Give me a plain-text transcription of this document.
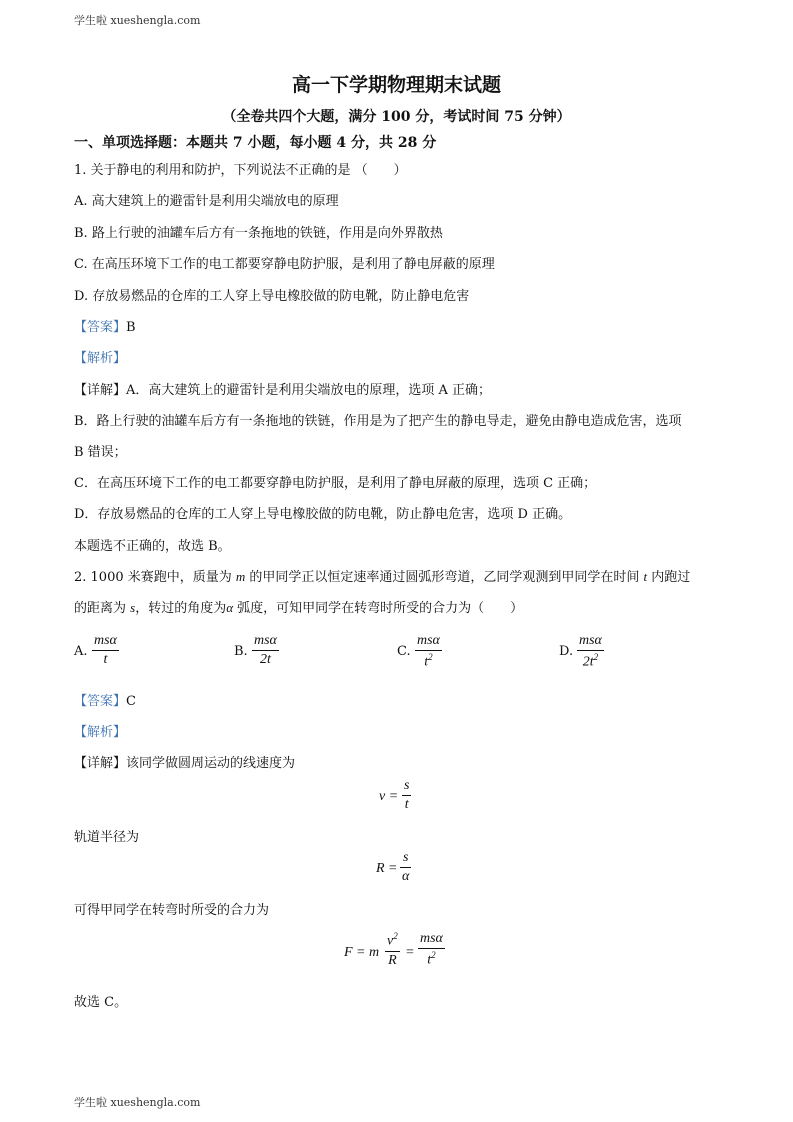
学生啦 xueshengla.com
高一下学期物理期末试题
（全卷共四个大题，满分 100 分，考试时间 75 分钟）
一、单项选择题：本题共 7 小题，每小题 4 分，共 28 分
1. 关于静电的利用和防护，下列说法不正确的是 （　　）
A. 高大建筑上的避雷针是利用尖端放电的原理
B. 路上行驶的油罐车后方有一条拖地的铁链，作用是向外界散热
C. 在高压环境下工作的电工都要穿静电防护服，是利用了静电屏蔽的原理
D. 存放易燃品的仓库的工人穿上导电橡胶做的防电靴，防止静电危害
【答案】B
【解析】
【详解】A．高大建筑上的避雷针是利用尖端放电的原理，选项 A 正确；
B．路上行驶的油罐车后方有一条拖地的铁链，作用是为了把产生的静电导走，避免由静电造成危害，选项
B 错误；
C．在高压环境下工作的电工都要穿静电防护服，是利用了静电屏蔽的原理，选项 C 正确；
D．存放易燃品的仓库的工人穿上导电橡胶做的防电靴，防止静电危害，选项 D 正确。
本题选不正确的，故选 B。
2. 1000 米赛跑中，质量为 m 的甲同学正以恒定速率通过圆弧形弯道，乙同学观测到甲同学在时间 t 内跑过
的距离为 s，转过的角度为α 弧度，可知甲同学在转弯时所受的合力为（　　）
A.
msα
t
B.
msα
2t
C.
msα
$t^2$	D.
msα
$2t^2$
【答案】C
【解析】
【详解】该同学做圆周运动的线速度为
v =
s
t
轨道半径为
R =
s
α
可得甲同学在转弯时所受的合力为
F = m
$v^2$
R
=
msα
$t^2$
故选 C。
学生啦 xueshengla.com
